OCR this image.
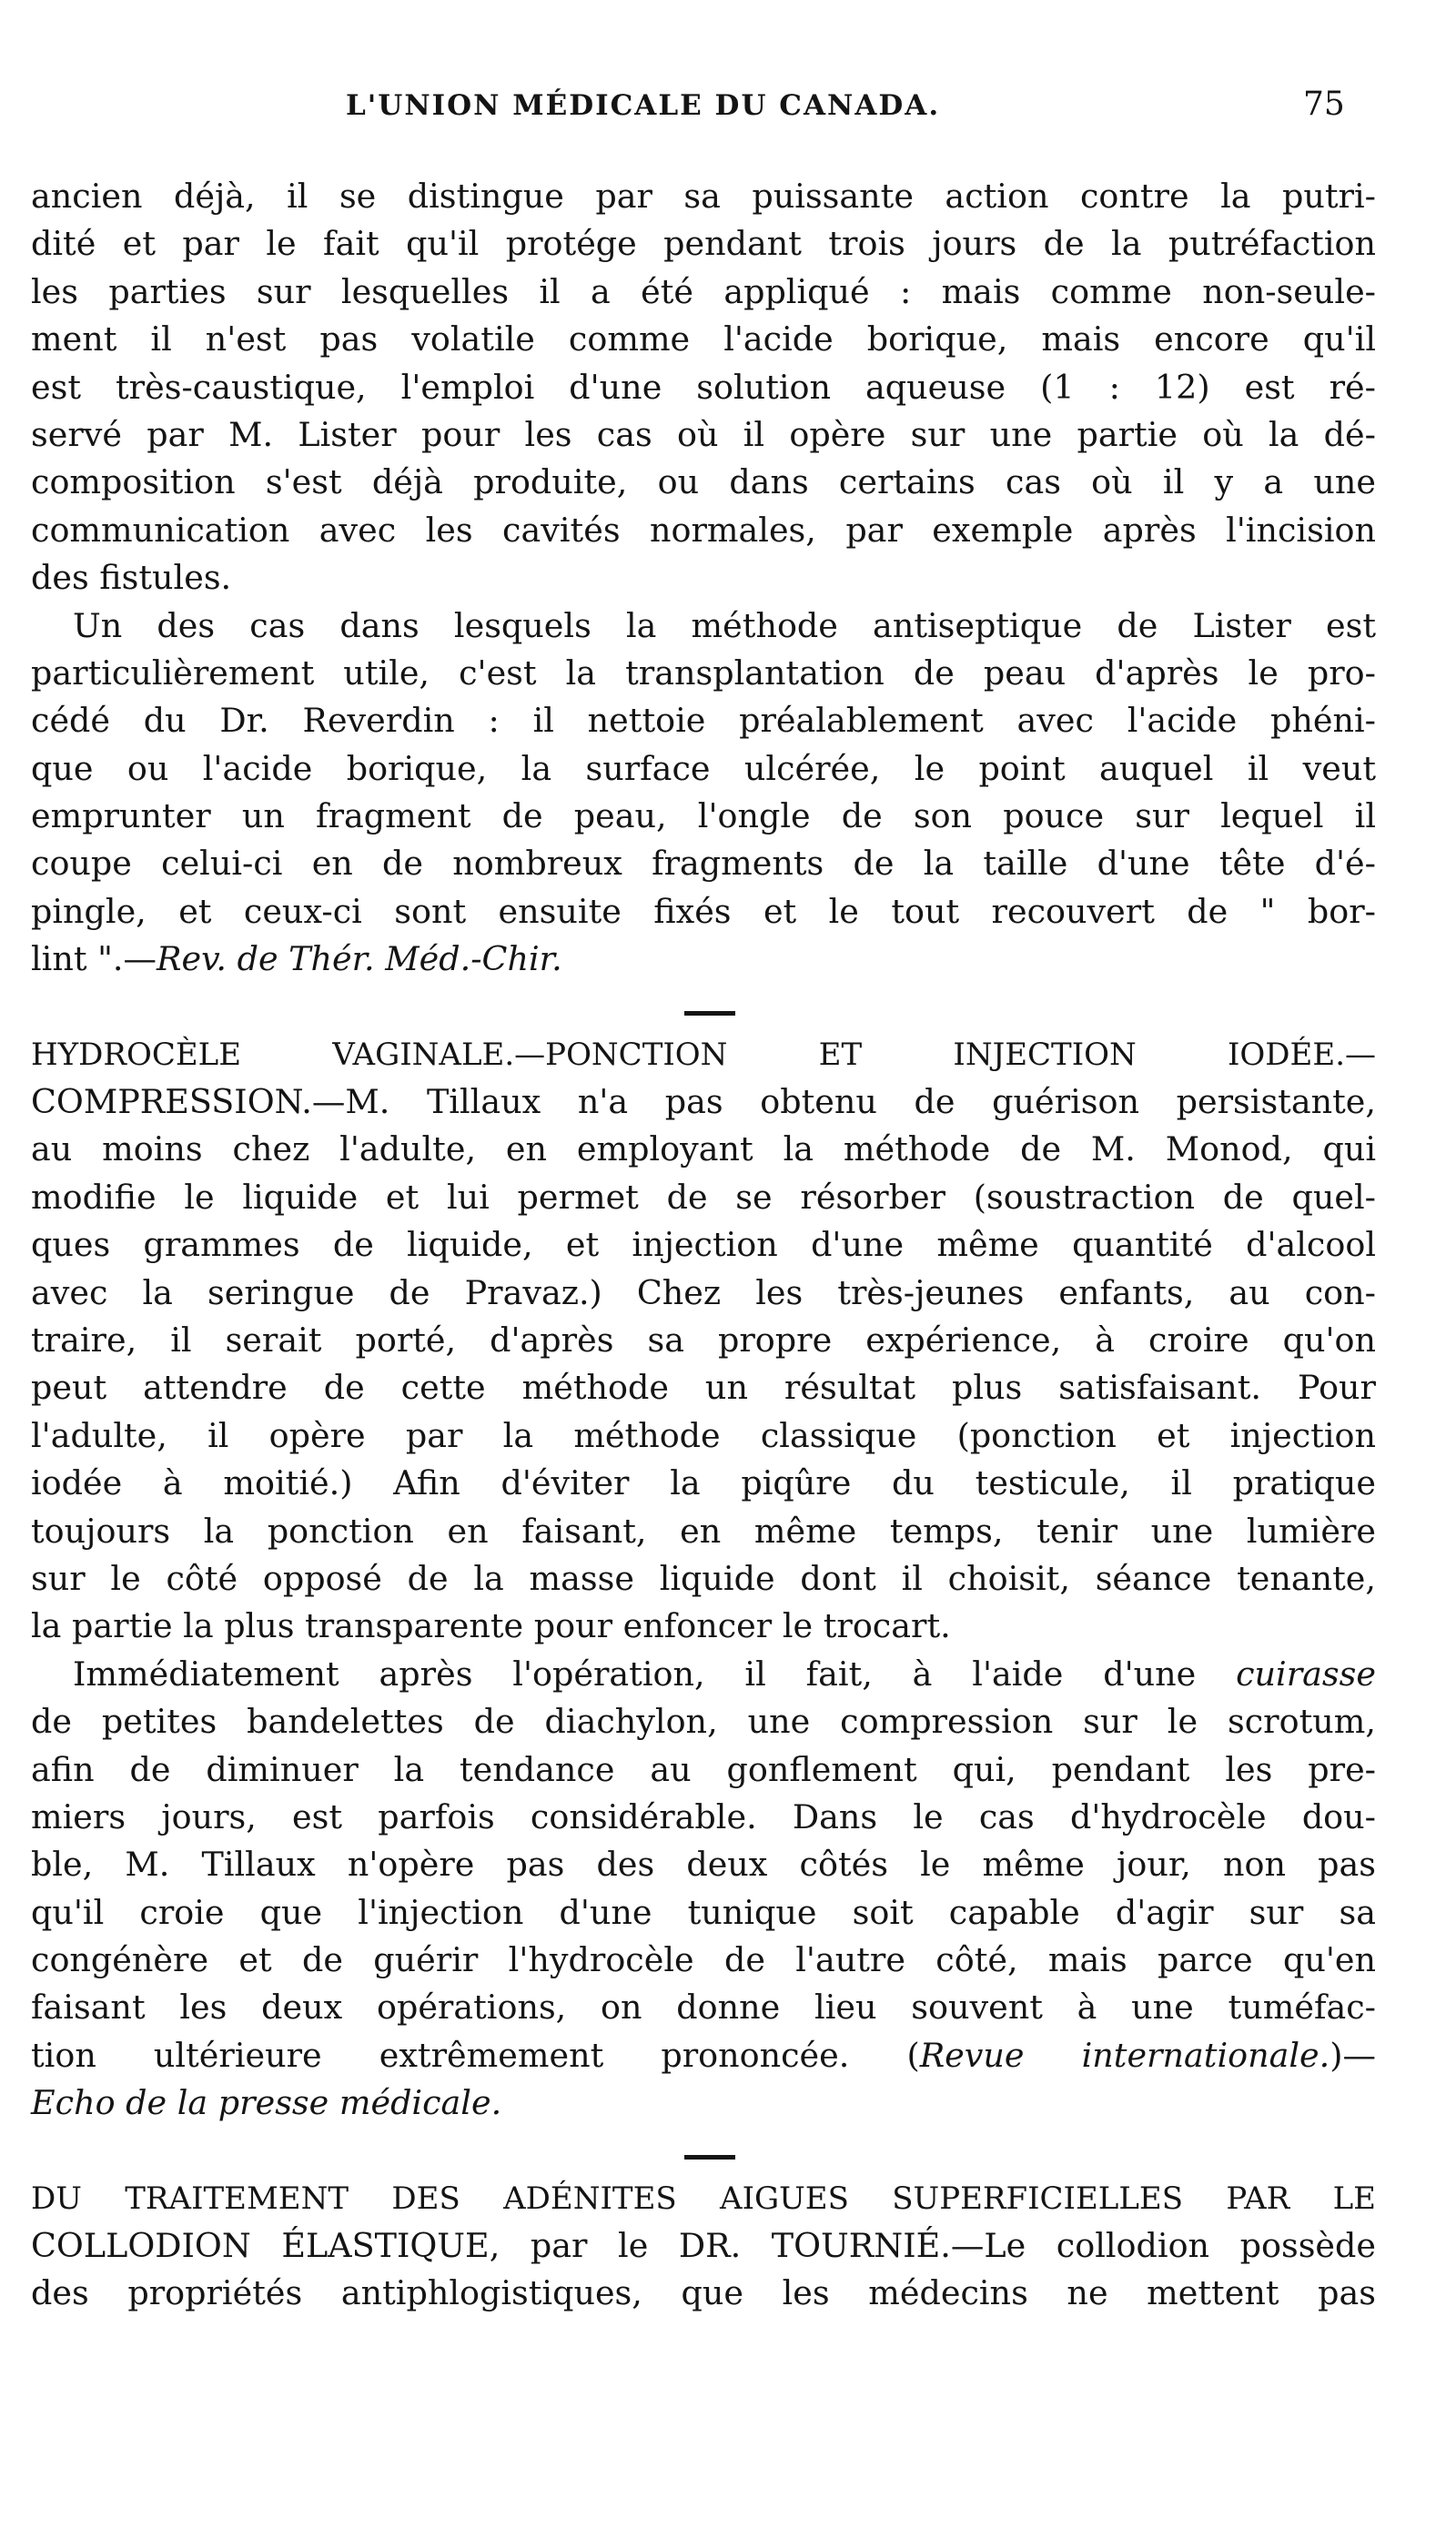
L'UNION MÉDICALE DU CANADA.	75
ancien déjà, il se distingue par sa puissante action contre la putri-
dité et par le fait qu'il protége pendant trois jours de la putréfaction
les parties sur lesquelles il a été appliqué : mais comme non-seule-
ment il n'est pas volatile comme l'acide borique, mais encore qu'il
est très-caustique, l'emploi d'une solution aqueuse (1 : 12) est ré-
servé par M. Lister pour les cas où il opère sur une partie où la dé-
composition s'est déjà produite, ou dans certains cas où il y a une
communication avec les cavités normales, par exemple après l'incision
des fistules.
Un des cas dans lesquels la méthode antiseptique de Lister est
particulièrement utile, c'est la transplantation de peau d'après le pro-
cédé du Dr. Reverdin : il nettoie préalablement avec l'acide phéni-
que ou l'acide borique, la surface ulcérée, le point auquel il veut
emprunter un fragment de peau, l'ongle de son pouce sur lequel il
coupe celui-ci en de nombreux fragments de la taille d'une tête d'é-
pingle, et ceux-ci sont ensuite fixés et le tout recouvert de " bor-
lint ".—Rev. de Thér. Méd.-Chir.
HYDROCÈLE VAGINALE.—PONCTION ET INJECTION IODÉE.—
COMPRESSION.—M. Tillaux n'a pas obtenu de guérison persistante,
au moins chez l'adulte, en employant la méthode de M. Monod, qui
modifie le liquide et lui permet de se résorber (soustraction de quel-
ques grammes de liquide, et injection d'une même quantité d'alcool
avec la seringue de Pravaz.) Chez les très-jeunes enfants, au con-
traire, il serait porté, d'après sa propre expérience, à croire qu'on
peut attendre de cette méthode un résultat plus satisfaisant. Pour
l'adulte, il opère par la méthode classique (ponction et injection
iodée à moitié.) Afin d'éviter la piqûre du testicule, il pratique
toujours la ponction en faisant, en même temps, tenir une lumière
sur le côté opposé de la masse liquide dont il choisit, séance tenante,
la partie la plus transparente pour enfoncer le trocart.
Immédiatement après l'opération, il fait, à l'aide d'une cuirasse
de petites bandelettes de diachylon, une compression sur le scrotum,
afin de diminuer la tendance au gonflement qui, pendant les pre-
miers jours, est parfois considérable. Dans le cas d'hydrocèle dou-
ble, M. Tillaux n'opère pas des deux côtés le même jour, non pas
qu'il croie que l'injection d'une tunique soit capable d'agir sur sa
congénère et de guérir l'hydrocèle de l'autre côté, mais parce qu'en
faisant les deux opérations, on donne lieu souvent à une tuméfac-
tion ultérieure extrêmement prononcée. (Revue internationale.)—
Echo de la presse médicale.
DU TRAITEMENT DES ADÉNITES AIGUES SUPERFICIELLES PAR LE
COLLODION ÉLASTIQUE, par le DR. TOURNIÉ.—Le collodion possède
des propriétés antiphlogistiques, que les médecins ne mettent pas
